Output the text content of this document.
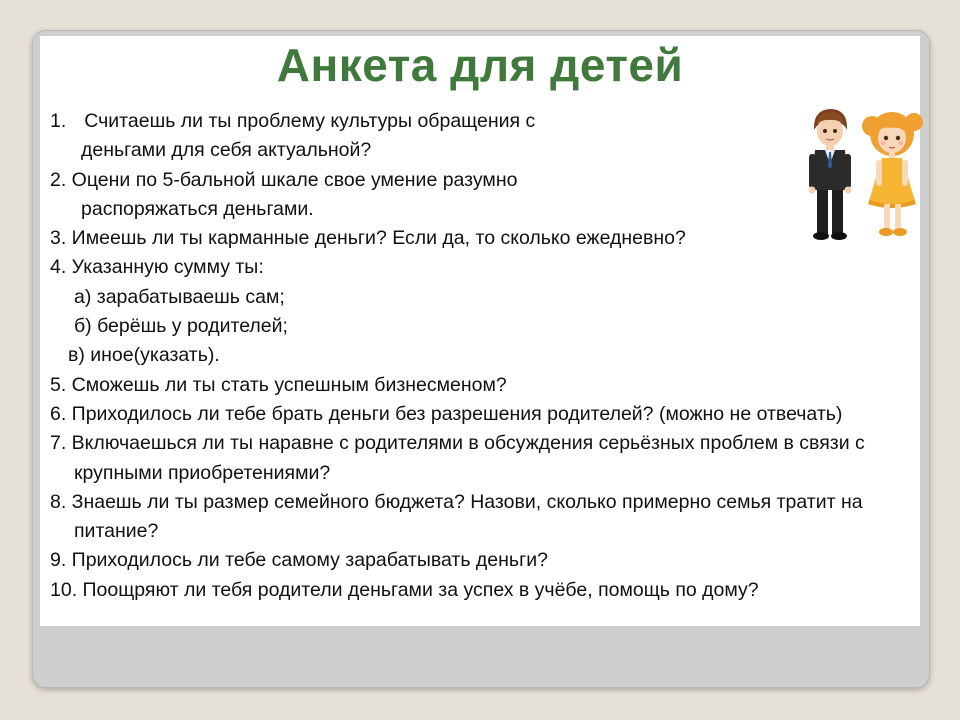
Анкета для детей
1. Считаешь ли ты проблему культуры обращения с
деньгами для себя актуальной?
2. Оцени по 5-бальной шкале свое умение разумно
распоряжаться деньгами.
3. Имеешь ли ты карманные деньги? Если да, то сколько ежедневно?
4. Указанную сумму ты:
а) зарабатываешь сам;
б) берёшь у родителей;
в) иное(указать).
5. Сможешь ли ты стать успешным бизнесменом?
6. Приходилось ли тебе брать деньги без разрешения родителей? (можно не отвечать)
7. Включаешься ли ты наравне с родителями в обсуждения серьёзных проблем в связи с
крупными приобретениями?
8. Знаешь ли ты размер семейного бюджета? Назови, сколько примерно семья тратит на
питание?
9. Приходилось ли тебе самому зарабатывать деньги?
10. Поощряют ли тебя родители деньгами за успех в учёбе, помощь по дому?
